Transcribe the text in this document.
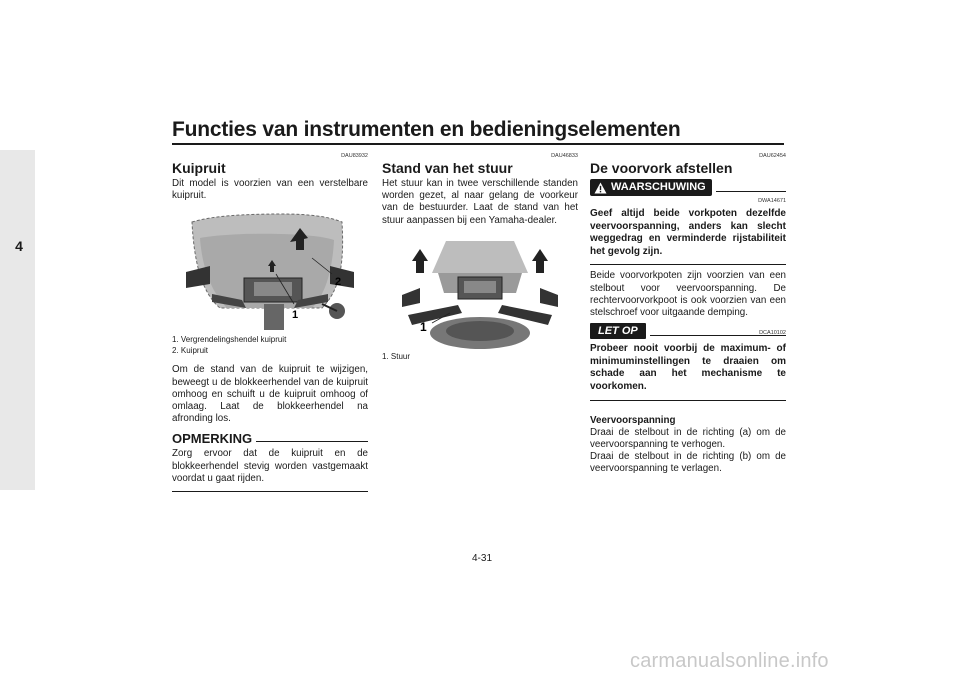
Functies van instrumenten en bedieningselementen
4
DAU83932
Kuipruit

Dit model is voorzien van een verstelbare kuipruit.

1
2
1. Vergrendelingshendel kuipruit
2. Kuipruit

Om de stand van de kuipruit te wijzigen, beweegt u de blokkeerhendel van de kuipruit omhoog en schuift u de kuipruit omhoog of omlaag. Laat de blokkeerhendel na afronding los.

OPMERKING

Zorg ervoor dat de kuipruit en de blokkeerhendel stevig worden vastgemaakt voordat u gaat rijden.

DAU46833
Stand van het stuur

Het stuur kan in twee verschillende standen worden gezet, al naar gelang de voorkeur van de bestuurder. Laat de stand van het stuur aanpassen bij een Yamaha-dealer.

1
1. Stuur
DAU62454
De voorvork afstellen
WAARSCHUWING
DWA14671

Geef altijd beide vorkpoten dezelfde veervoorspanning, anders kan slecht weggedrag en verminderde rijstabiliteit het gevolg zijn.

Beide voorvorkpoten zijn voorzien van een stelbout voor veervoorspanning. De rechtervoorvorkpoot is ook voorzien van een stelschroef voor uitgaande demping.

LET OP	DCA10102

Probeer nooit voorbij de maximum- of minimuminstellingen te draaien om schade aan het mechanisme te voorkomen.

Veervoorspanning

Draai de stelbout in de richting (a) om de veervoorspanning te verhogen.

Draai de stelbout in de richting (b) om de veervoorspanning te verlagen.

4-31
carmanualsonline.info
